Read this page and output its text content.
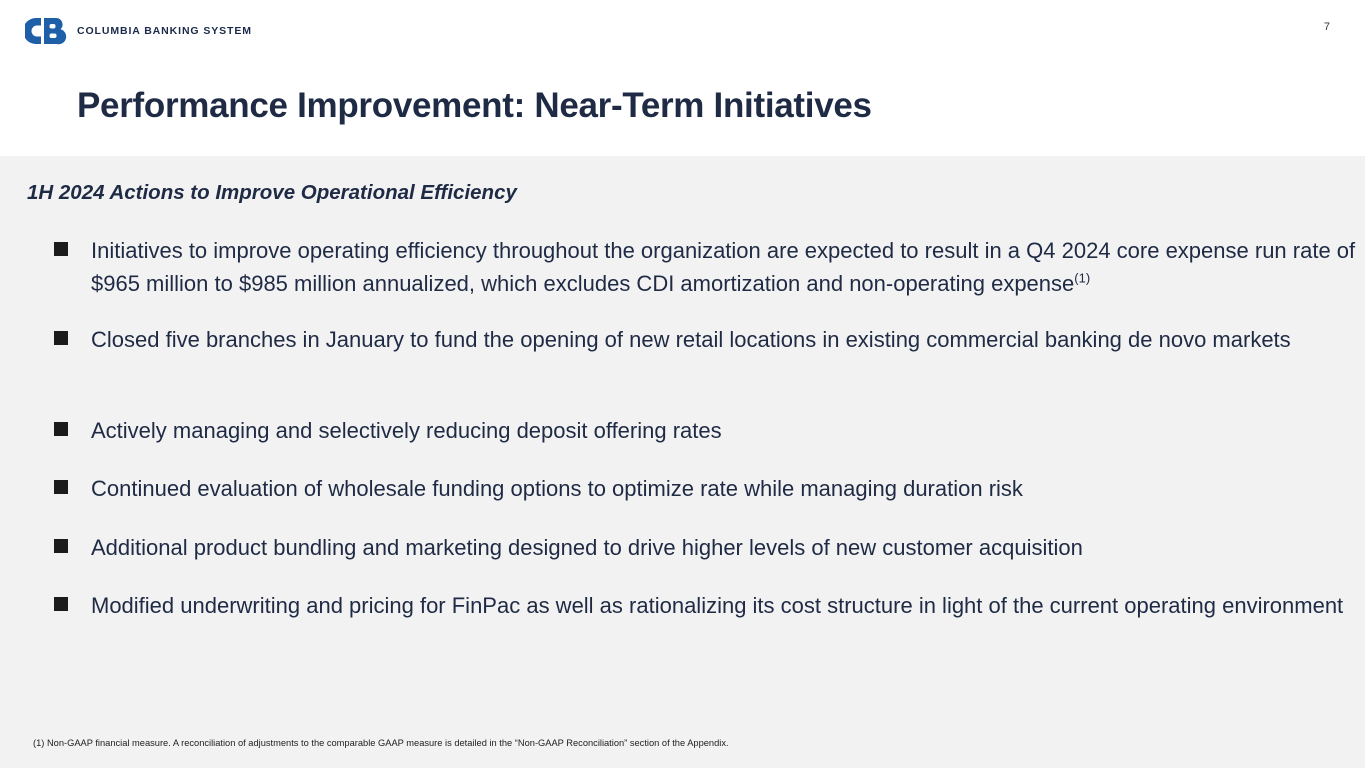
COLUMBIA BANKING SYSTEM	7
Performance Improvement: Near-Term Initiatives
1H 2024 Actions to Improve Operational Efficiency
Initiatives to improve operating efficiency throughout the organization are expected to result in a Q4 2024 core expense run rate of $965 million to $985 million annualized, which excludes CDI amortization and non-operating expense$^{(1)}$
Closed five branches in January to fund the opening of new retail locations in existing commercial banking de novo markets
Actively managing and selectively reducing deposit offering rates
Continued evaluation of wholesale funding options to optimize rate while managing duration risk
Additional product bundling and marketing designed to drive higher levels of new customer acquisition
Modified underwriting and pricing for FinPac as well as rationalizing its cost structure in light of the current operating environment
(1) Non-GAAP financial measure. A reconciliation of adjustments to the comparable GAAP measure is detailed in the “Non-GAAP Reconciliation” section of the Appendix.
